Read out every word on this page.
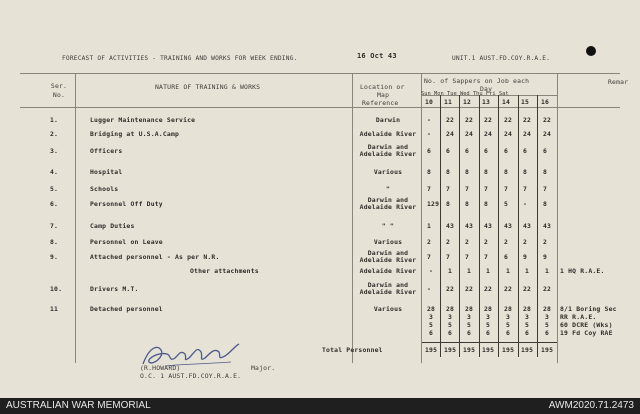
FORECAST OF ACTIVITIES - TRAINING AND WORKS FOR WEEK ENDING.	16 Oct 43	UNIT.1 AUST.FD.COY.R.A.E.
Ser. No.
NATURE OF TRAINING & WORKS	Location or
Map
Reference
No. of Sappers on Job each
Day
Sun Mon Tue Wed Thu Fri Sat
10 11 12 13 14 15 16
Remar
1.	Lugger Maintenance Service	Darwin	- 22 22 22 22 22 22
2.	Bridging at U.S.A.Camp	Adelaide River	- 24 24 24 24 24 24
3.	Officers	Darwin and Adelaide River	6 6 6 6 6 6 6
4.	Hospital	Various	8 8 8 8 8 8 8
5.	Schools	"	7 7 7 7 7 7 7
6.	Personnel Off Duty	Darwin and Adelaide River	129 8 8 8 5 - 8
7.	Camp Duties	" "	1 43 43 43 43 43 43
8.	Personnel on Leave	Various	2 2 2 2 2 2 2
9.	Attached personnel - As per N.R.	Darwin and Adelaide River	7 7 7 7 6 9 9
Other attachments	Adelaide River	- 1 1 1 1 1 1 1 HQ R.A.E.
10.	Drivers M.T.	Darwin and Adelaide River	- 22 22 22 22 22 22
11	Detached personnel	Various	28 28 28 28 28 28 28
3 3 3 3 3 3 3
5 5 5 5 5 5 5
6 6 6 6 6 6 6
8/1 Boring Sec
RR R.A.E.
60 DCRE (Wks)
19 Fd Coy RAE
Total Personnel	195 195 195 195 195 195 195
(R.HOWARD)	Major.
O.C. 1 AUST.FD.COY.R.A.E.
AUSTRALIAN WAR MEMORIAL	AWM2020.71.2473
